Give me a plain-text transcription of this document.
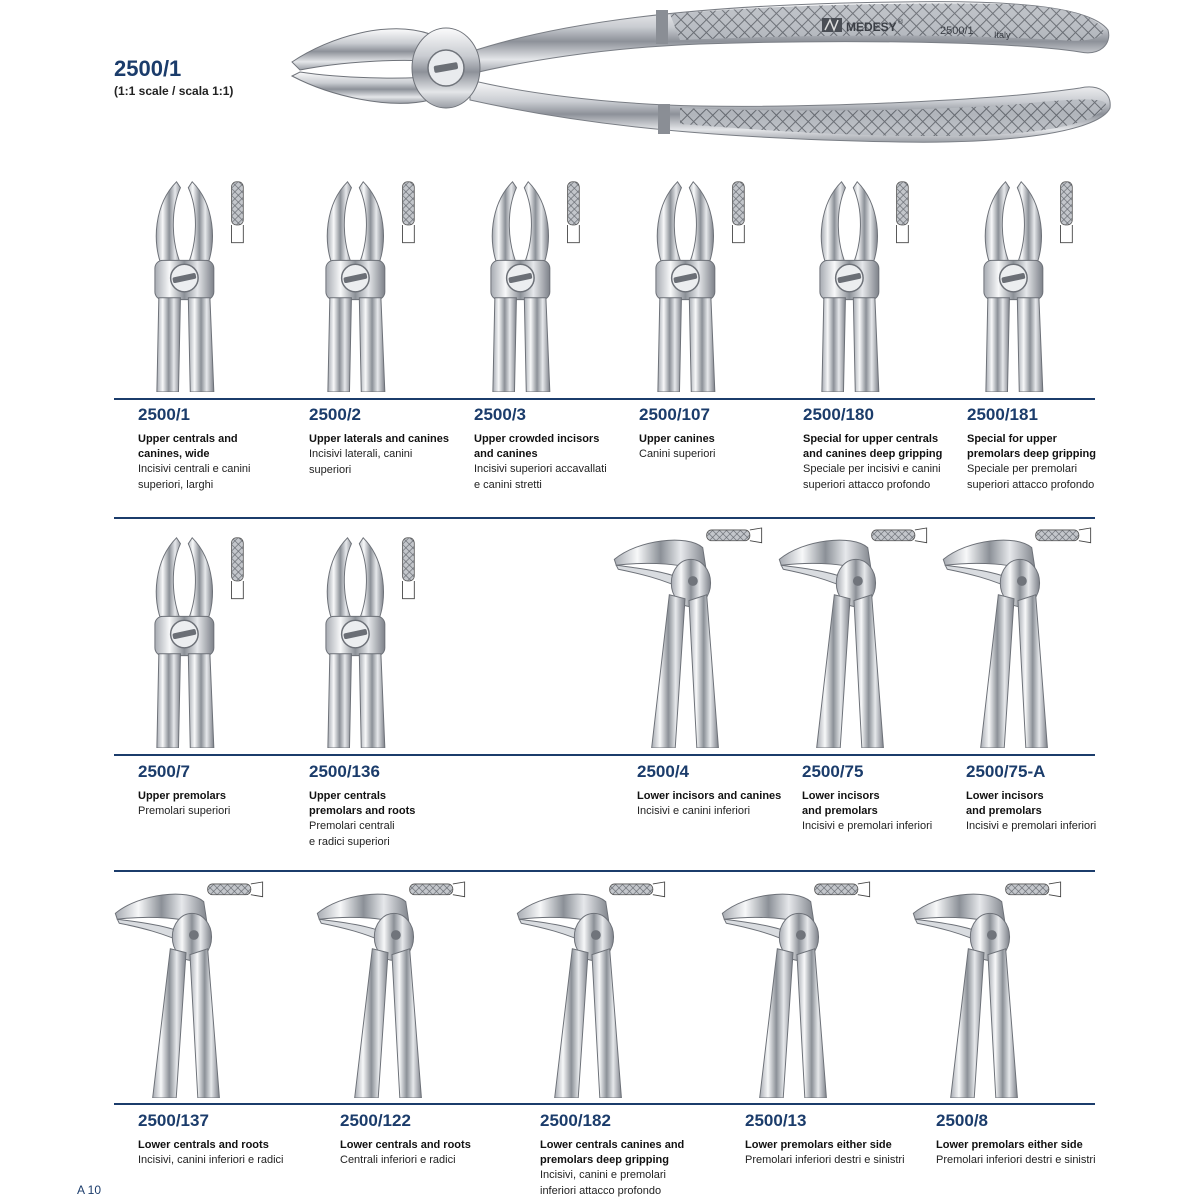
2500/1
(1:1 scale / scala 1:1)
MEDESY ®
2500/1 Italy
2500/1
Upper centrals and
canines, wide
Incisivi centrali e canini
superiori, larghi
2500/2
Upper laterals and canines
Incisivi laterali, canini
superiori
2500/3
Upper crowded incisors
and canines
Incisivi superiori accavallati
e canini stretti
2500/107
Upper canines
Canini superiori
2500/180
Special for upper centrals
and canines deep gripping
Speciale per incisivi e canini
superiori attacco profondo
2500/181
Special for upper
premolars deep gripping
Speciale per premolari
superiori attacco profondo
2500/7
Upper premolars
Premolari superiori
2500/136
Upper centrals
premolars and roots
Premolari centrali
e radici superiori
2500/4
Lower incisors and canines
Incisivi e canini inferiori
2500/75
Lower incisors
and premolars
Incisivi e premolari inferiori
2500/75-A
Lower incisors
and premolars
Incisivi e premolari inferiori
2500/137
Lower centrals and roots
Incisivi, canini inferiori e radici
2500/122
Lower centrals and roots
Centrali inferiori e radici
2500/182
Lower centrals canines and
premolars deep gripping
Incisivi, canini e premolari
inferiori attacco profondo
2500/13
Lower premolars either side
Premolari inferiori destri e sinistri
2500/8
Lower premolars either side
Premolari inferiori destri e sinistri
A 10
